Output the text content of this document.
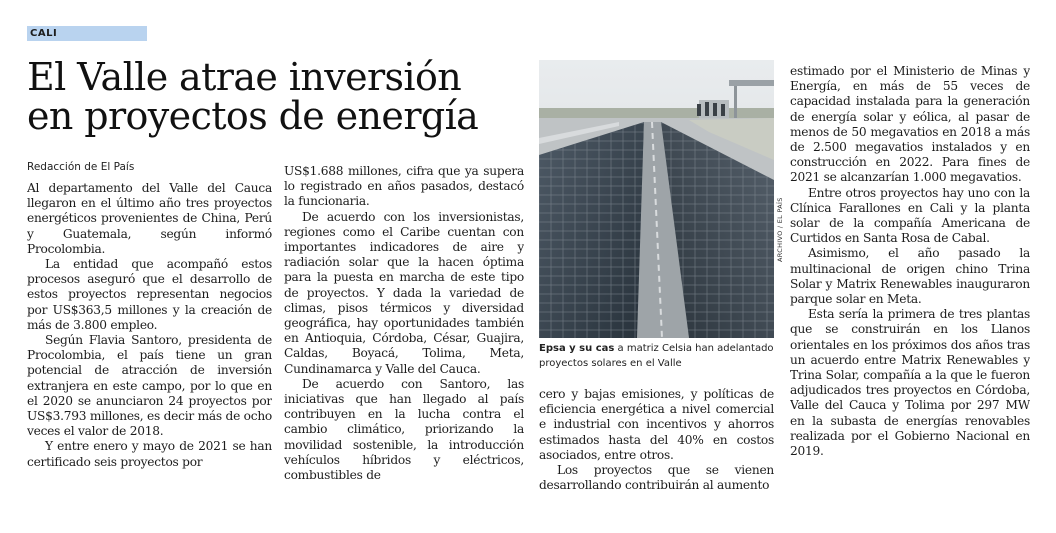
CALI
El Valle atrae inversión
en proyectos de energía
Redacción de El País

Al departamento del Valle del Cauca llegaron en el último año tres proyectos energéticos provenientes de China, Perú y Guatemala, según informó Procolombia.

La entidad que acompañó estos procesos aseguró que el desarrollo de estos proyectos representan negocios por US$363,5 millones y la creación de más de 3.800 empleo.

Según Flavia Santoro, presidenta de Procolombia, el país tiene un gran potencial de atracción de inversión extranjera en este campo, por lo que en el 2020 se anunciaron 24 proyectos por US$3.793 millones, es decir más de ocho veces el valor de 2018.

Y entre enero y mayo de 2021 se han certificado seis proyectos por

US$1.688 millones, cifra que ya supera lo registrado en años pasados, destacó la funcionaria.

De acuerdo con los inversionistas, regiones como el Caribe cuentan con importantes indicadores de aire y radiación solar que la hacen óptima para la puesta en marcha de este tipo de proyectos. Y dada la variedad de climas, pisos térmicos y diversidad geográfica, hay oportunidades también en Antioquia, Córdoba, César, Guajira, Caldas, Boyacá, Tolima, Meta, Cundinamarca y Valle del Cauca.

De acuerdo con Santoro, las iniciativas que han llegado al país contribuyen en la lucha contra el cambio climático, priorizando la movilidad sostenible, la introducción vehículos híbridos y eléctricos, combustibles de

ARCHIVO / EL PAÍS
Epsa y su cas a matriz Celsia han adelantado proyectos solares en el Valle

cero y bajas emisiones, y políticas de eficiencia energética a nivel comercial e industrial con incentivos y ahorros estimados hasta del 40% en costos asociados, entre otros.

Los proyectos que se vienen desarrollando contribuirán al aumento

estimado por el Ministerio de Minas y Energía, en más de 55 veces de capacidad instalada para la generación de energía solar y eólica, al pasar de menos de 50 megavatios en 2018 a más de 2.500 megavatios instalados y en construcción en 2022. Para fines de 2021 se alcanzarían 1.000 megavatios.

Entre otros proyectos hay uno con la Clínica Farallones en Cali y la planta solar de la compañía Americana de Curtidos en Santa Rosa de Cabal.

Asimismo, el año pasado la multinacional de origen chino Trina Solar y Matrix Renewables inauguraron parque solar en Meta.

Esta sería la primera de tres plantas que se construirán en los Llanos orientales en los próximos dos años tras un acuerdo entre Matrix Renewables y Trina Solar, compañía a la que le fueron adjudicados tres proyectos en Córdoba, Valle del Cauca y Tolima por 297 MW en la subasta de energías renovables realizada por el Gobierno Nacional en 2019.
